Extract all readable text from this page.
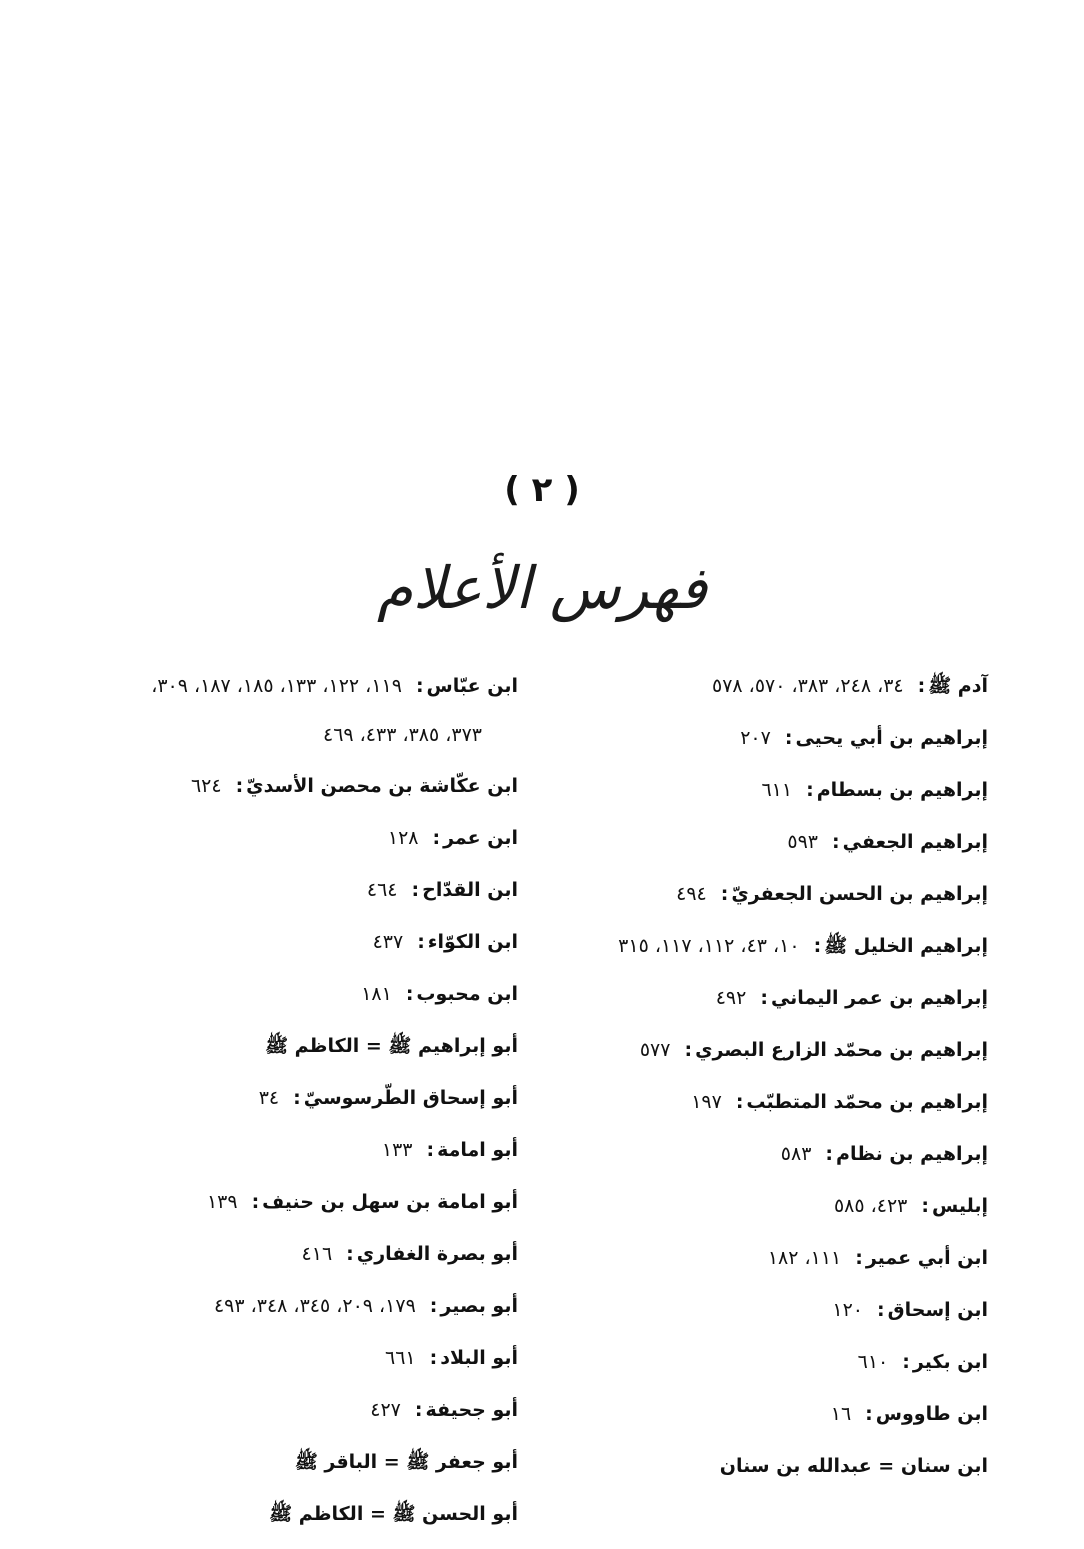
( ٢ )
فهرس الأعلام
آدم ﷺ:٣٤، ٢٤٨، ٣٨٣، ٥٧٠، ٥٧٨
إبراهيم بن أبي يحيى:٢٠٧
إبراهيم بن بسطام:٦١١
إبراهيم الجعفي:٥٩٣
إبراهيم بن الحسن الجعفريّ:٤٩٤
إبراهيم الخليل ﷺ:١٠، ٤٣، ١١٢، ١١٧، ٣١٥
إبراهيم بن عمر اليماني:٤٩٢
إبراهيم بن محمّد الزارع البصري:٥٧٧
إبراهيم بن محمّد المتطبّب:١٩٧
إبراهيم بن نظام:٥٨٣
إبليس:٤٢٣، ٥٨٥
ابن أبي عمير:١١١، ١٨٢
ابن إسحاق:١٢٠
ابن بكير:٦١٠
ابن طاووس:١٦
ابن سنان = عبدالله بن سنان
ابن عبّاس:١١٩، ١٢٢، ١٣٣، ١٨٥، ١٨٧، ٣٠٩،
٣٧٣، ٣٨٥، ٤٣٣، ٤٦٩
ابن عكّاشة بن محصن الأسديّ:٦٢٤
ابن عمر:١٢٨
ابن القدّاح:٤٦٤
ابن الكوّاء:٤٣٧
ابن محبوب:١٨١
أبو إبراهيم ﷺ = الكاظم ﷺ
أبو إسحاق الطّرسوسيّ:٣٤
أبو امامة:١٣٣
أبو امامة بن سهل بن حنيف:١٣٩
أبو بصرة الغفاري:٤١٦
أبو بصير:١٧٩، ٢٠٩، ٣٤٥، ٣٤٨، ٤٩٣
أبو البلاد:٦٦١
أبو جحيفة:٤٢٧
أبو جعفر ﷺ = الباقر ﷺ
أبو الحسن ﷺ = الكاظم ﷺ
